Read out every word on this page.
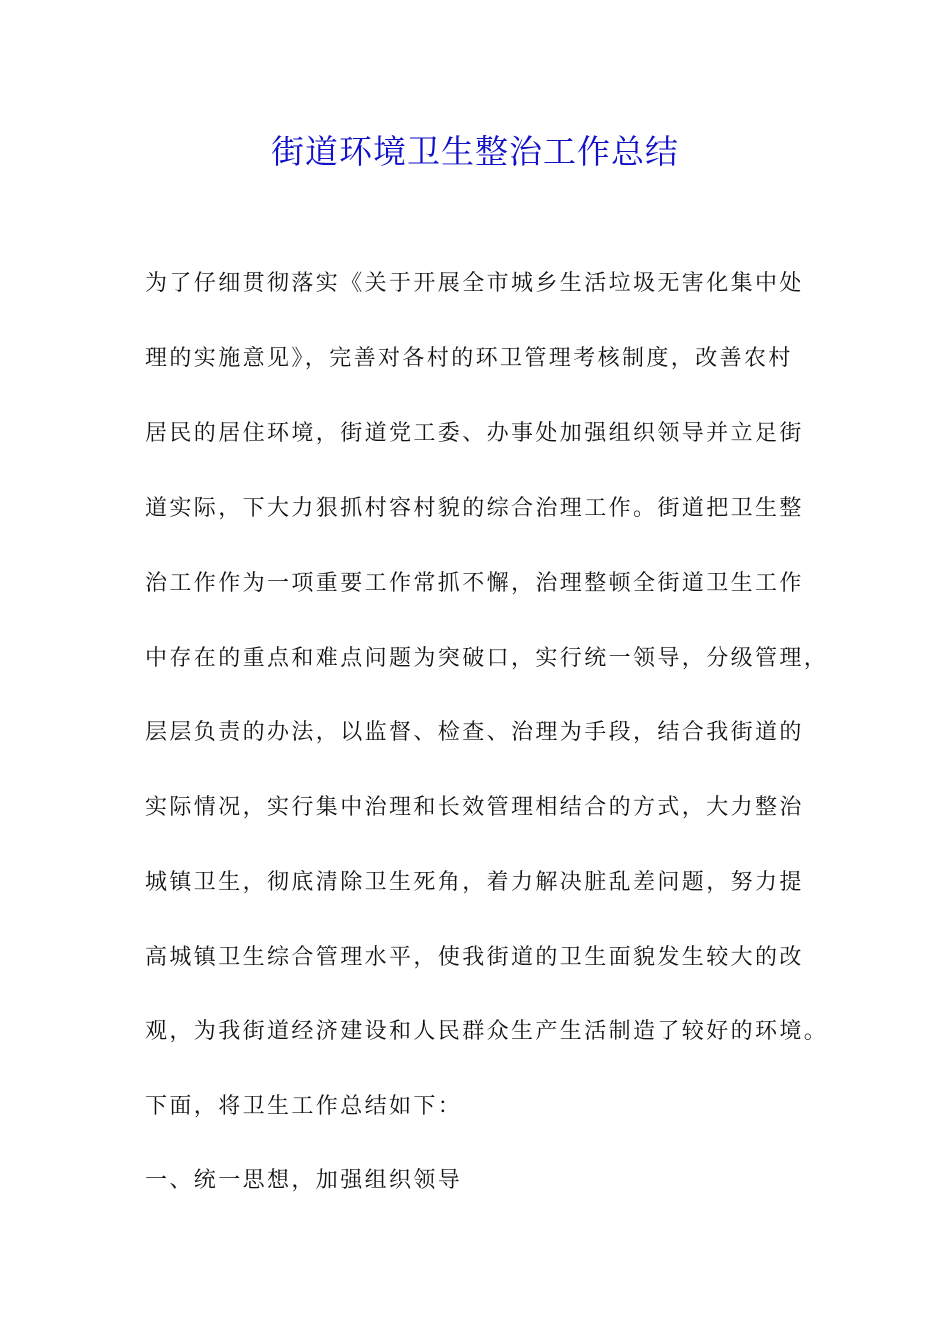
街道环境卫生整治工作总结
为了仔细贯彻落实《关于开展全市城乡生活垃圾无害化集中处
理的实施意见》，完善对各村的环卫管理考核制度，改善农村
居民的居住环境，街道党工委、办事处加强组织领导并立足街
道实际，下大力狠抓村容村貌的综合治理工作。街道把卫生整
治工作作为一项重要工作常抓不懈，治理整顿全街道卫生工作
中存在的重点和难点问题为突破口，实行统一领导，分级管理，
层层负责的办法，以监督、检查、治理为手段，结合我街道的
实际情况，实行集中治理和长效管理相结合的方式，大力整治
城镇卫生，彻底清除卫生死角，着力解决脏乱差问题，努力提
高城镇卫生综合管理水平，使我街道的卫生面貌发生较大的改
观，为我街道经济建设和人民群众生产生活制造了较好的环境。
下面，将卫生工作总结如下：
一、统一思想，加强组织领导
